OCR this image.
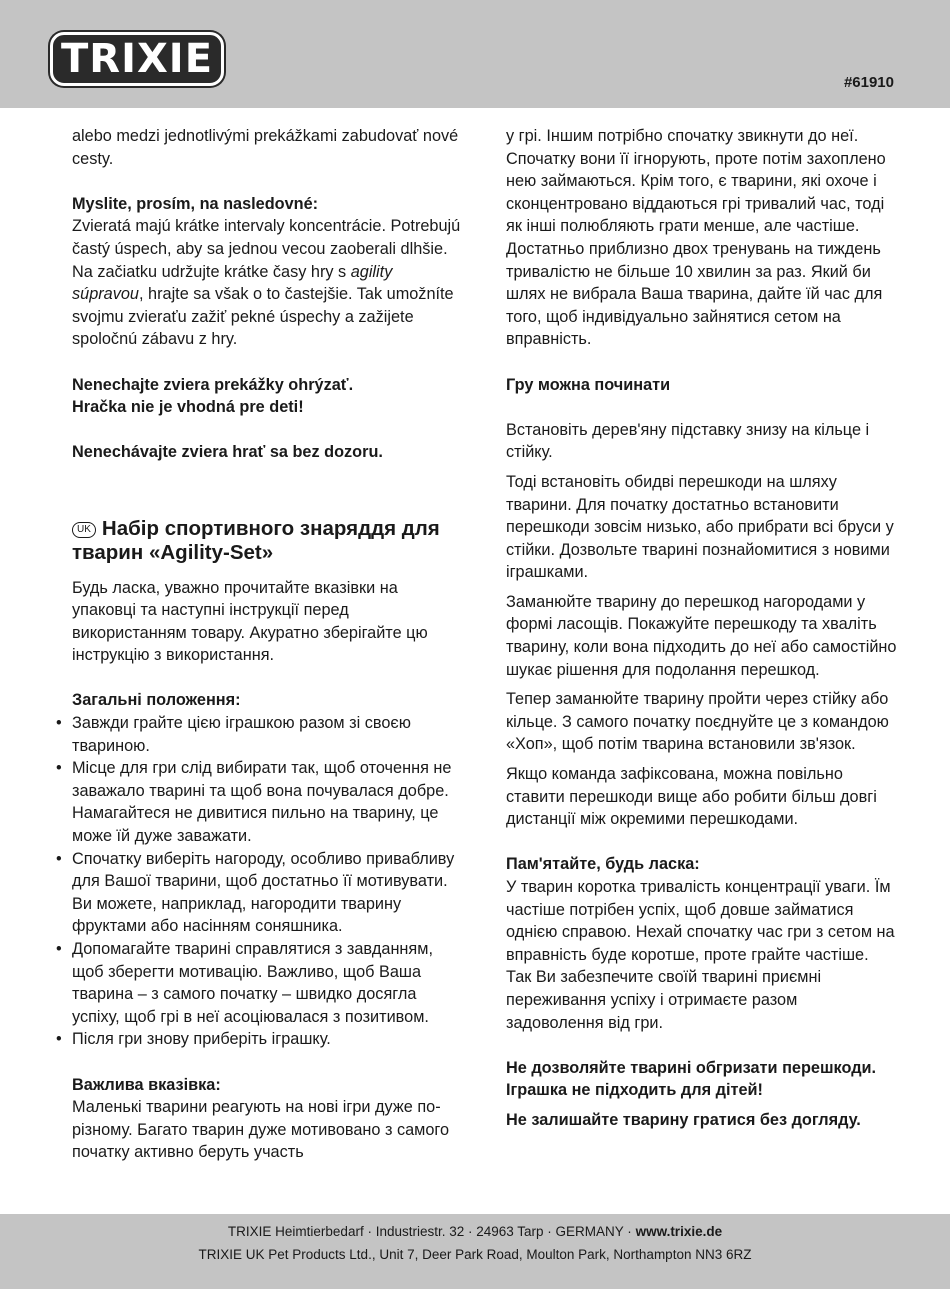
TRIXIE
#61910

alebo medzi jednotlivými prekážkami zabudovať nové cesty.

Myslite, prosím, na nasledovné:

Zvieratá majú krátke intervaly koncentrácie. Potrebujú častý úspech, aby sa jednou vecou zaoberali dlhšie. Na začiatku udržujte krátke časy hry s agility súpravou, hrajte sa však o to častejšie. Tak umožníte svojmu zvieraťu zažiť pekné úspechy a zažijete spoločnú zábavu z hry.

Nenechajte zviera prekážky ohrýzať.

Hračka nie je vhodná pre deti!

Nenechávajte zviera hrať sa bez dozoru.

UK Набір спортивного знаряддя для тварин «Agility-Set»

Будь ласка, уважно прочитайте вказівки на упаковці та наступні інструкції перед використанням товару. Акуратно зберігайте цю інструкцію з використання.

Загальні положення:

• Завжди грайте цією іграшкою разом зі своєю твариною.
• Місце для гри слід вибирати так, щоб оточення не заважало тварині та щоб вона почувалася добре. Намагайтеся не дивитися пильно на тварину, це може їй дуже заважати.
• Спочатку виберіть нагороду, особливо привабливу для Вашої тварини, щоб достатньо її мотивувати. Ви можете, наприклад, нагородити тварину фруктами або насінням соняшника.
• Допомагайте тварині справлятися з завданням, щоб зберегти мотивацію. Важливо, щоб Ваша тварина – з самого початку – швидко досягла успіху, щоб грі в неї асоціювалася з позитивом.
• Після гри знову приберіть іграшку.

Важлива вказівка:

Маленькі тварини реагують на нові ігри дуже по-різному. Багато тварин дуже мотивовано з самого початку активно беруть участь

у грі. Іншим потрібно спочатку звикнути до неї. Спочатку вони її ігнорують, проте потім захоплено нею займаються. Крім того, є тварини, які охоче і сконцентровано віддаються грі тривалий час, тоді як інші полюбляють грати менше, але частіше. Достатньо приблизно двох тренувань на тиждень тривалістю не більше 10 хвилин за раз. Який би шлях не вибрала Ваша тварина, дайте їй час для того, щоб індивідуально зайнятися сетом на вправність.

Гру можна починати

Встановіть дерев'яну підставку знизу на кільце і стійку.

Тоді встановіть обидві перешкоди на шляху тварини. Для початку достатньо встановити перешкоди зовсім низько, або прибрати всі бруси у стійки. Дозвольте тварині познайомитися з новими іграшками.

Заманюйте тварину до перешкод нагородами у формі ласощів. Покажуйте перешкоду та хваліть тварину, коли вона підходить до неї або самостійно шукає рішення для подолання перешкод.

Тепер заманюйте тварину пройти через стійку або кільце. З самого початку поєднуйте це з командою «Хоп», щоб потім тварина встановили зв'язок.

Якщо команда зафіксована, можна повільно ставити перешкоди вище або робити більш довгі дистанції між окремими перешкодами.

Пам'ятайте, будь ласка:

У тварин коротка тривалість концентрації уваги. Їм частіше потрібен успіх, щоб довше займатися однією справою. Нехай спочатку час гри з сетом на вправність буде коротше, проте грайте частіше. Так Ви забезпечите своїй тварині приємні переживання успіху і отримаєте разом задоволення від гри.

Не дозволяйте тварині обгризати перешкоди.

Іграшка не підходить для дітей!

Не залишайте тварину гратися без догляду.

TRIXIE Heimtierbedarf · Industriestr. 32 · 24963 Tarp · GERMANY · www.trixie.de
TRIXIE UK Pet Products Ltd., Unit 7, Deer Park Road, Moulton Park, Northampton NN3 6RZ
